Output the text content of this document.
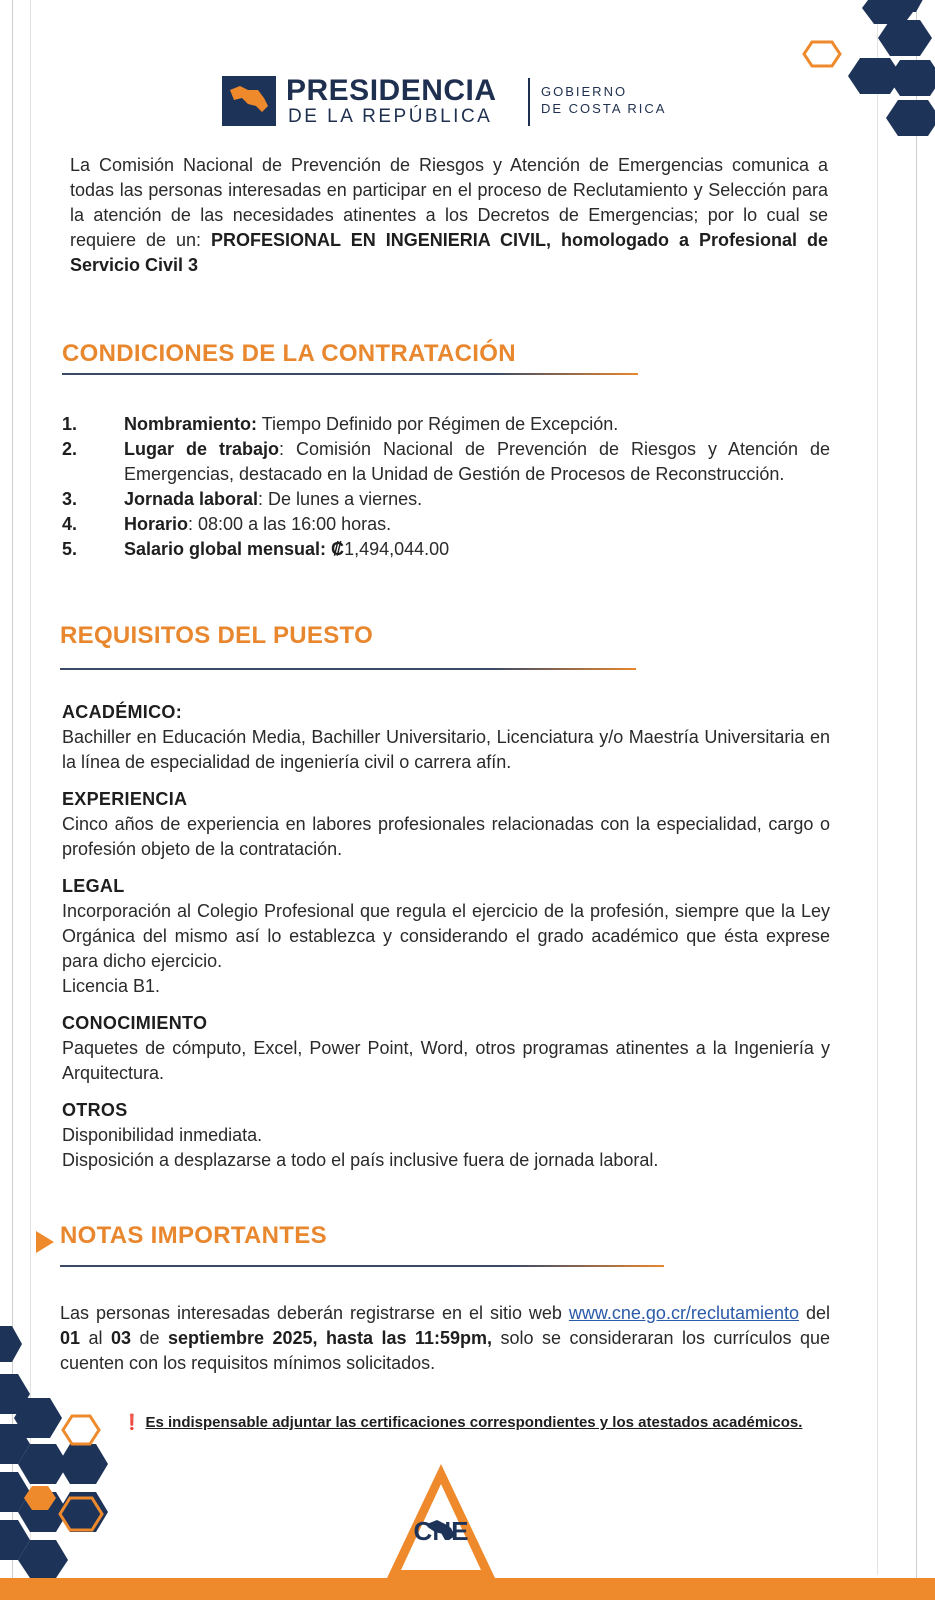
PRESIDENCIA
DE LA REPÚBLICA
GOBIERNO
DE COSTA RICA

La Comisión Nacional de Prevención de Riesgos y Atención de Emergencias comunica a todas las personas interesadas en participar en el proceso de Reclutamiento y Selección para la atención de las necesidades atinentes a los Decretos de Emergencias; por lo cual se requiere de un: PROFESIONAL EN INGENIERIA CIVIL, homologado a Profesional de Servicio Civil 3

CONDICIONES DE LA CONTRATACIÓN
1.	Nombramiento: Tiempo Definido por Régimen de Excepción.
2.	Lugar de trabajo: Comisión Nacional de Prevención de Riesgos y Atención de Emergencias, destacado en la Unidad de Gestión de Procesos de Reconstrucción.
3.	Jornada laboral: De lunes a viernes.
4.	Horario: 08:00 a las 16:00 horas.
5.	Salario global mensual: ₡1,494,044.00
REQUISITOS DEL PUESTO
ACADÉMICO:

Bachiller en Educación Media, Bachiller Universitario, Licenciatura y/o Maestría Universitaria en la línea de especialidad de ingeniería civil o carrera afín.

EXPERIENCIA

Cinco años de experiencia en labores profesionales relacionadas con la especialidad, cargo o profesión objeto de la contratación.

LEGAL

Incorporación al Colegio Profesional que regula el ejercicio de la profesión, siempre que la Ley Orgánica del mismo así lo establezca y considerando el grado académico que ésta exprese para dicho ejercicio.

Licencia B1.

CONOCIMIENTO

Paquetes de cómputo, Excel, Power Point, Word, otros programas atinentes a la Ingeniería y Arquitectura.

OTROS

Disponibilidad inmediata.

Disposición a desplazarse a todo el país inclusive fuera de jornada laboral.

NOTAS IMPORTANTES

Las personas interesadas deberán registrarse en el sitio web www.cne.go.cr/reclutamiento del 01 al 03 de septiembre 2025, hasta las 11:59pm, solo se consideraran los currículos que cuenten con los requisitos mínimos solicitados.

❗ Es indispensable adjuntar las certificaciones correspondientes y los atestados académicos.
CNE
